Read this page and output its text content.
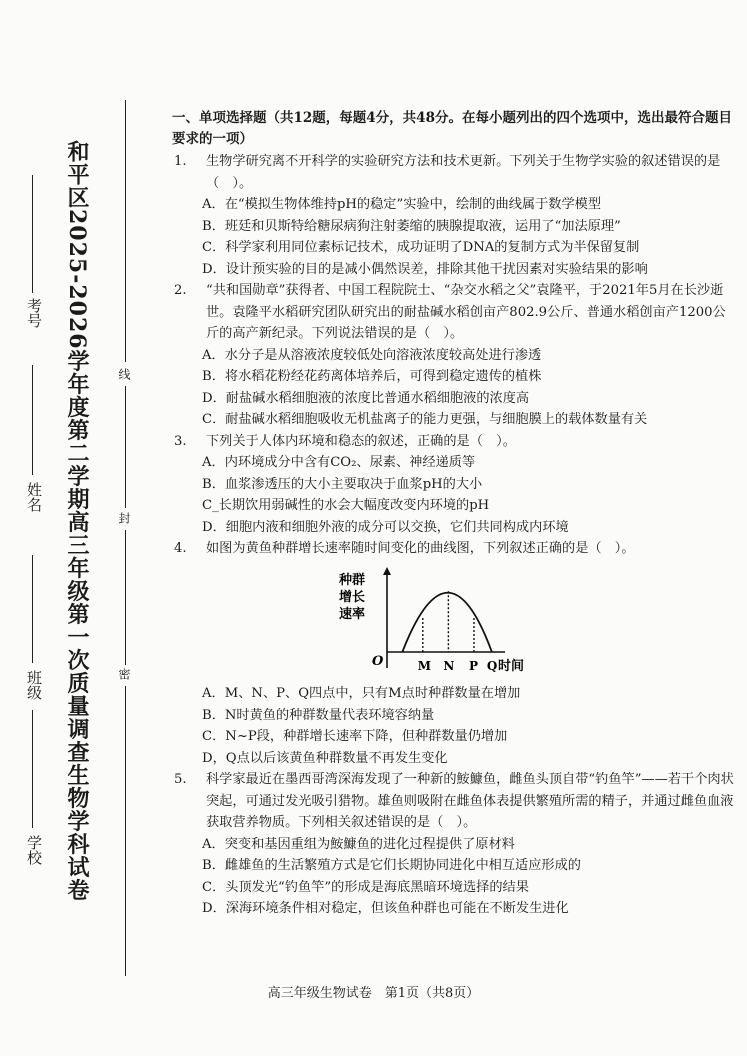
和平区2025-2026学年度第二学期高三年级第一次质量调查生物学科试卷
学校
班级
姓名
考号
线
封
密
一、单项选择题（共12题，每题4分，共48分。在每小题列出的四个选项中，选出最符合题目要求的一项）
1.	生物学研究离不开科学的实验研究方法和技术更新。下列关于生物学实验的叙述错误的是（　）。
A．在“模拟生物体维持pH的稳定”实验中，绘制的曲线属于数学模型
B．班廷和贝斯特给糖尿病狗注射萎缩的胰腺提取液，运用了“加法原理”
C．科学家利用同位素标记技术，成功证明了DNA的复制方式为半保留复制
D．设计预实验的目的是减小偶然误差，排除其他干扰因素对实验结果的影响
2.	“共和国勋章”获得者、中国工程院院士、“杂交水稻之父”袁隆平，于2021年5月在长沙逝世。袁隆平水稻研究团队研究出的耐盐碱水稻创亩产802.9公斤、普通水稻创亩产1200公斤的高产新纪录。下列说法错误的是（　）。
A．水分子是从溶液浓度较低处向溶液浓度较高处进行渗透
B．将水稻花粉经花药离体培养后，可得到稳定遗传的植株
D．耐盐碱水稻细胞液的浓度比普通水稻细胞液的浓度高
C．耐盐碱水稻细胞吸收无机盐离子的能力更强，与细胞膜上的载体数量有关
3.	下列关于人体内环境和稳态的叙述，正确的是（　）。
A．内环境成分中含有CO₂、尿素、神经递质等
B．血浆渗透压的大小主要取决于血浆pH的大小
C_长期饮用弱碱性的水会大幅度改变内环境的pH
D．细胞内液和细胞外液的成分可以交换，它们共同构成内环境
4.	如图为黄鱼种群增长速率随时间变化的曲线图，下列叙述正确的是（　）。
种群
增长
速率
O	时间
M N P Q
A．M、N、P、Q四点中，只有M点时种群数量在增加
B．N时黄鱼的种群数量代表环境容纳量
C．N~P段，种群增长速率下降，但种群数量仍增加
D，Q点以后该黄鱼种群数量不再发生变化
5.	科学家最近在墨西哥湾深海发现了一种新的鮟鱇鱼，雌鱼头顶自带“钓鱼竿”——若干个肉状突起，可通过发光吸引猎物。雄鱼则吸附在雌鱼体表提供繁殖所需的精子，并通过雌鱼血液获取营养物质。下列相关叙述错误的是（　）。
A．突变和基因重组为鮟鱇鱼的进化过程提供了原材料
B．雌雄鱼的生活繁殖方式是它们长期协同进化中相互适应形成的
C．头顶发光“钓鱼竿”的形成是海底黑暗环境选择的结果
D．深海环境条件相对稳定，但该鱼种群也可能在不断发生进化
高三年级生物试卷　第1页（共8页）
